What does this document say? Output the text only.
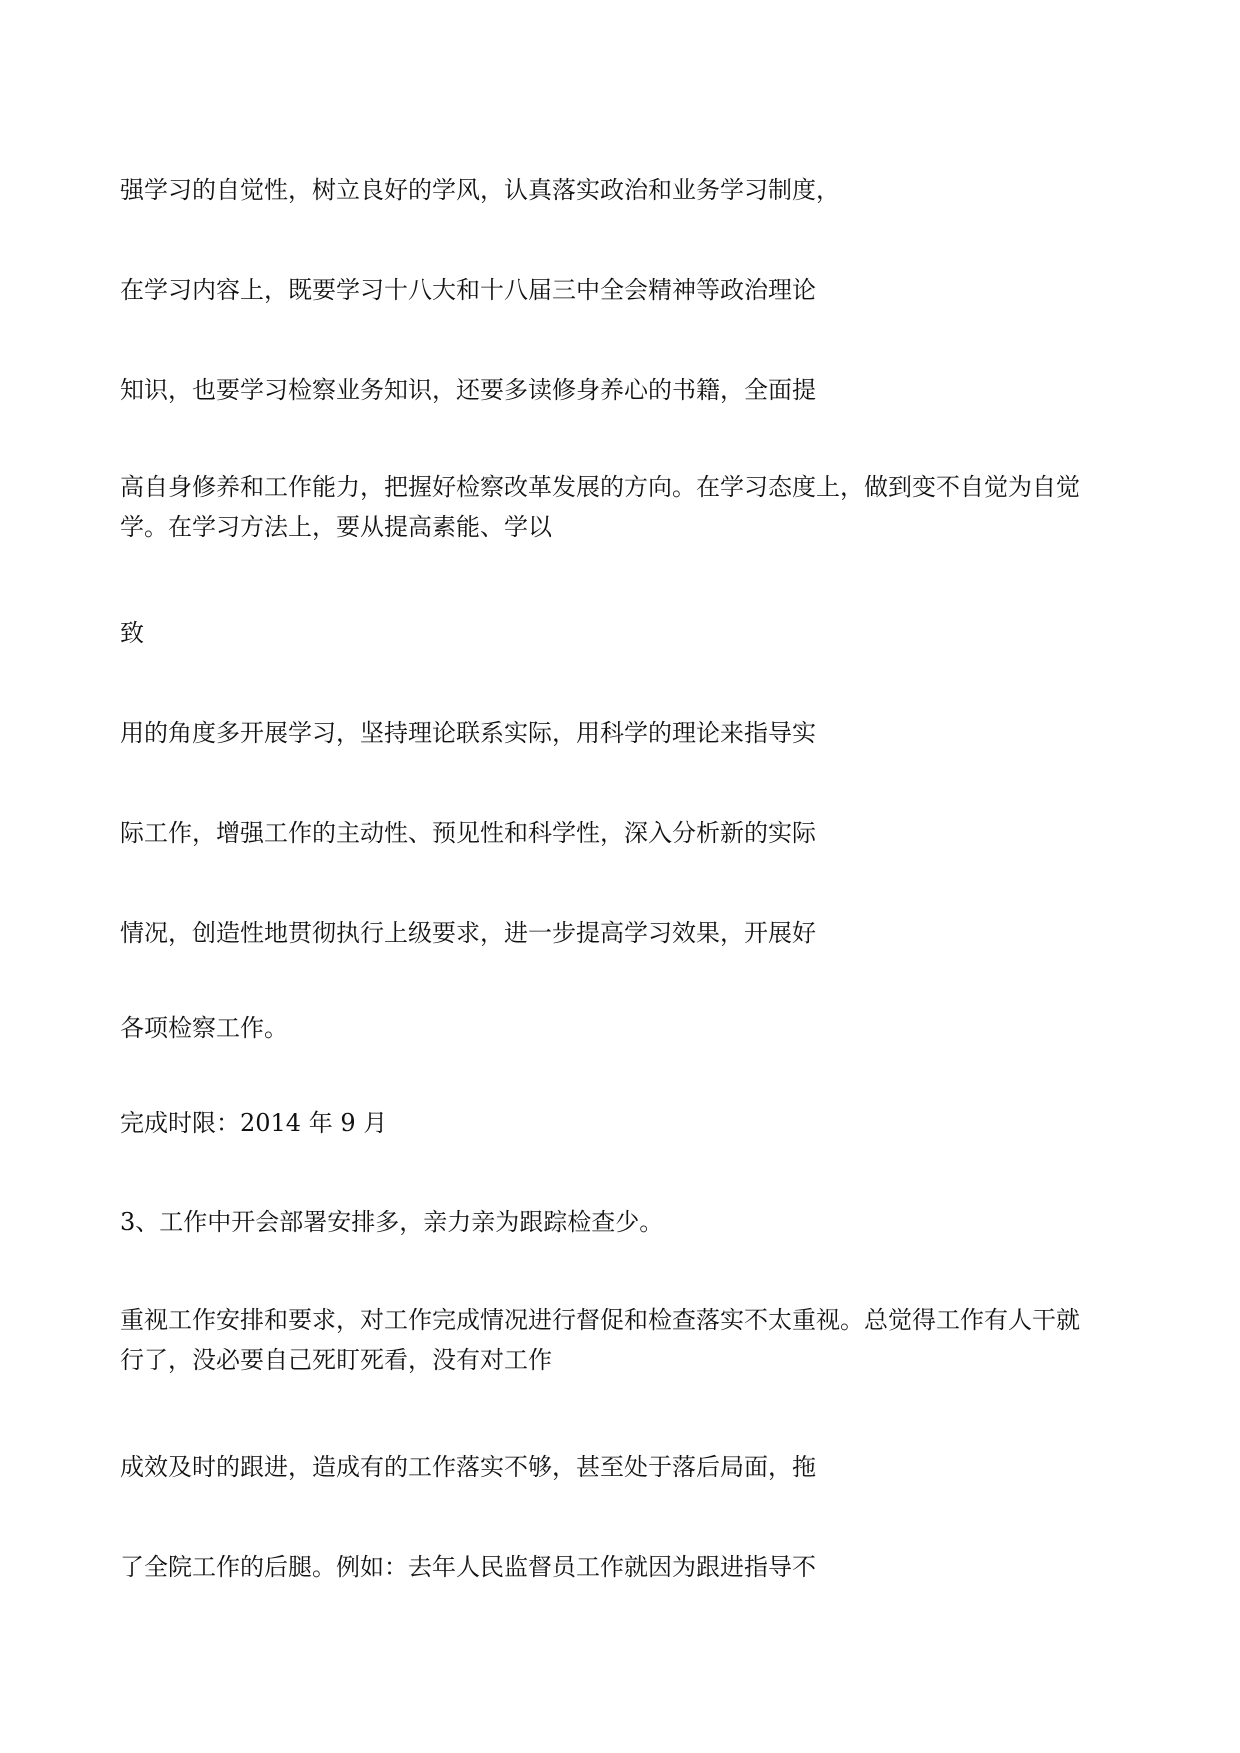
强学习的自觉性，树立良好的学风，认真落实政治和业务学习制度，

在学习内容上，既要学习十八大和十八届三中全会精神等政治理论

知识，也要学习检察业务知识，还要多读修身养心的书籍，全面提

高自身修养和工作能力，把握好检察改革发展的方向。在学习态度上，做到变不自觉为自觉
学。在学习方法上，要从提高素能、学以

致

用的角度多开展学习，坚持理论联系实际，用科学的理论来指导实

际工作，增强工作的主动性、预见性和科学性，深入分析新的实际

情况，创造性地贯彻执行上级要求，进一步提高学习效果，开展好

各项检察工作。

完成时限：2014 年 9 月

3、工作中开会部署安排多，亲力亲为跟踪检查少。

重视工作安排和要求，对工作完成情况进行督促和检查落实不太重视。总觉得工作有人干就
行了，没必要自己死盯死看，没有对工作

成效及时的跟进，造成有的工作落实不够，甚至处于落后局面，拖

了全院工作的后腿。例如：去年人民监督员工作就因为跟进指导不
